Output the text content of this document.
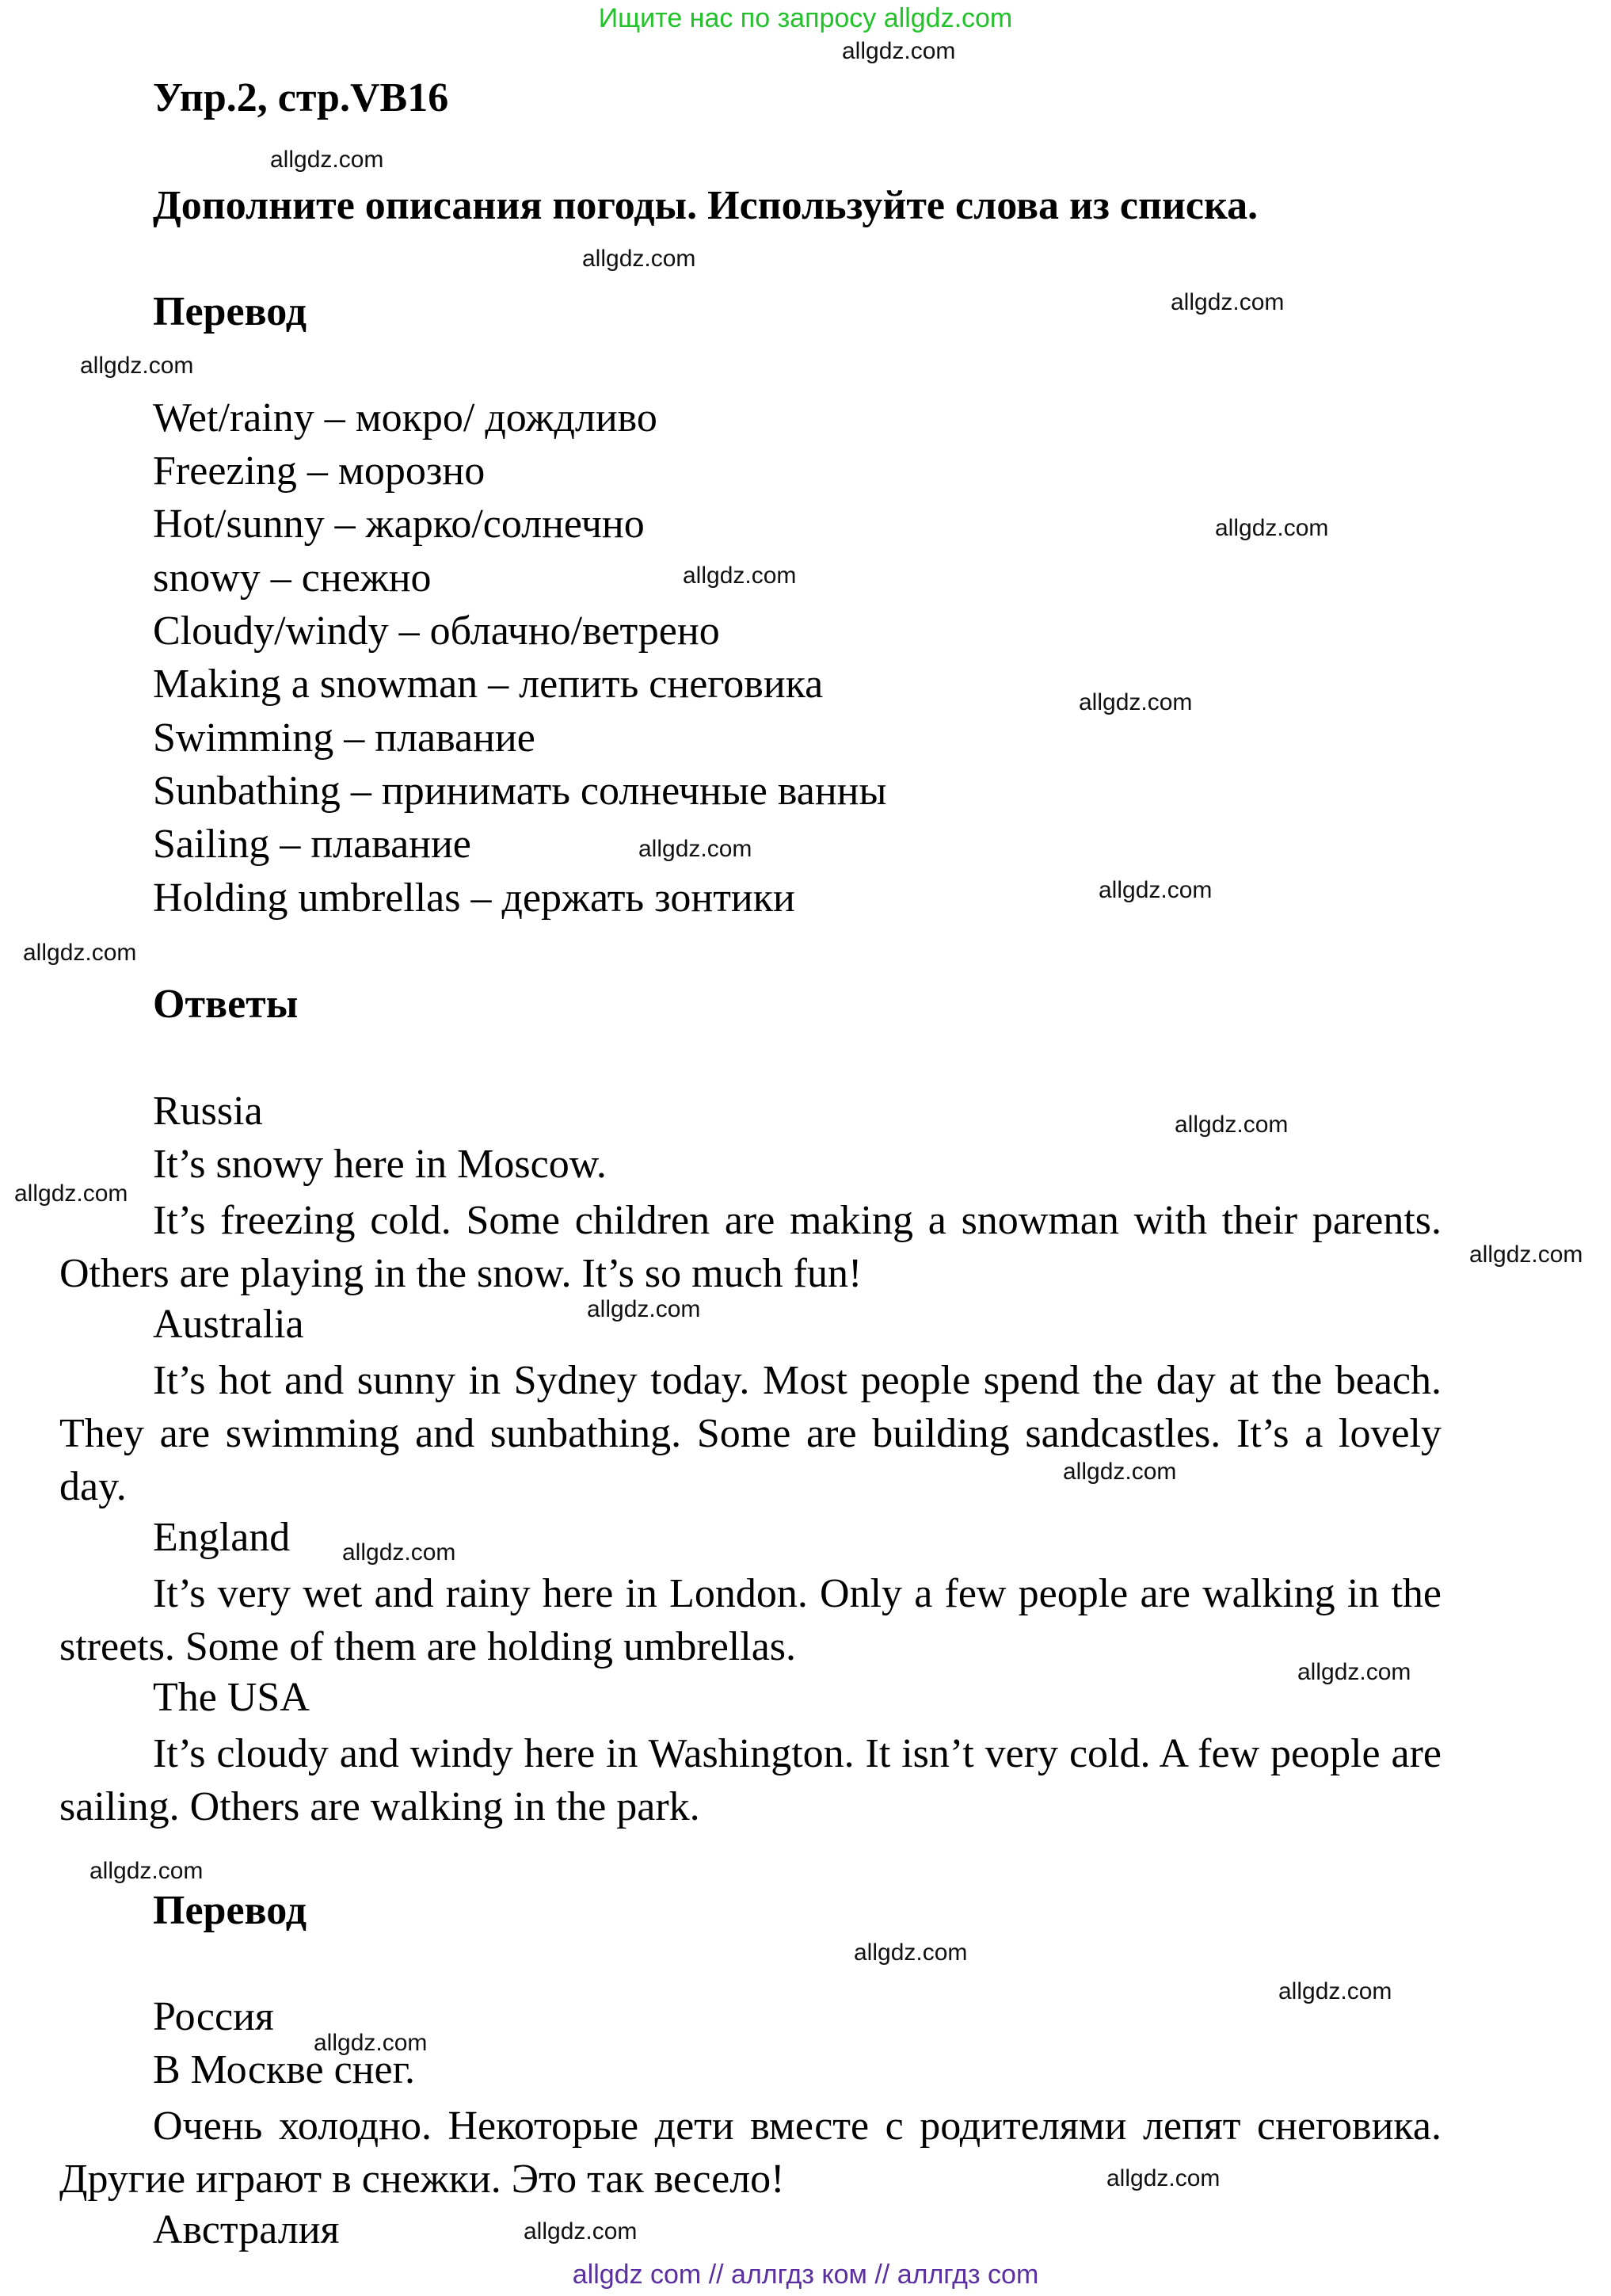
Ищите нас по запросу allgdz.com
Упр.2, стр.VB16
Дополните описания погоды. Используйте слова из списка.
Перевод
Wet/rainy – мокро/ дождливо
Freezing – морозно
Hot/sunny – жарко/солнечно
snowy – снежно
Cloudy/windy – облачно/ветрено
Making a snowman – лепить снеговика
Swimming – плавание
Sunbathing – принимать солнечные ванны
Sailing – плавание
Holding umbrellas – держать зонтики
Ответы
Russia
It’s snowy here in Moscow.
It’s freezing cold. Some children are making a snowman with their parents. Others are playing in the snow. It’s so much fun!
Australia
It’s hot and sunny in Sydney today. Most people spend the day at the beach. They are swimming and sunbathing. Some are building sandcastles. It’s a lovely day.
England
It’s very wet and rainy here in London. Only a few people are walking in the streets. Some of them are holding umbrellas.
The USA
It’s cloudy and windy here in Washington. It isn’t very cold. A few people are sailing. Others are walking in the park.
Перевод
Россия
В Москве снег.
Очень холодно. Некоторые дети вместе с родителями лепят снеговика. Другие играют в снежки. Это так весело!
Австралия
allgdz.com
allgdz.com
allgdz.com
allgdz.com
allgdz.com
allgdz.com
allgdz.com
allgdz.com
allgdz.com
allgdz.com
allgdz.com
allgdz.com
allgdz.com
allgdz.com
allgdz.com
allgdz.com
allgdz.com
allgdz.com
allgdz.com
allgdz.com
allgdz.com
allgdz.com
allgdz.com
allgdz.com
allgdz com // аллгдз ком // аллгдз com
